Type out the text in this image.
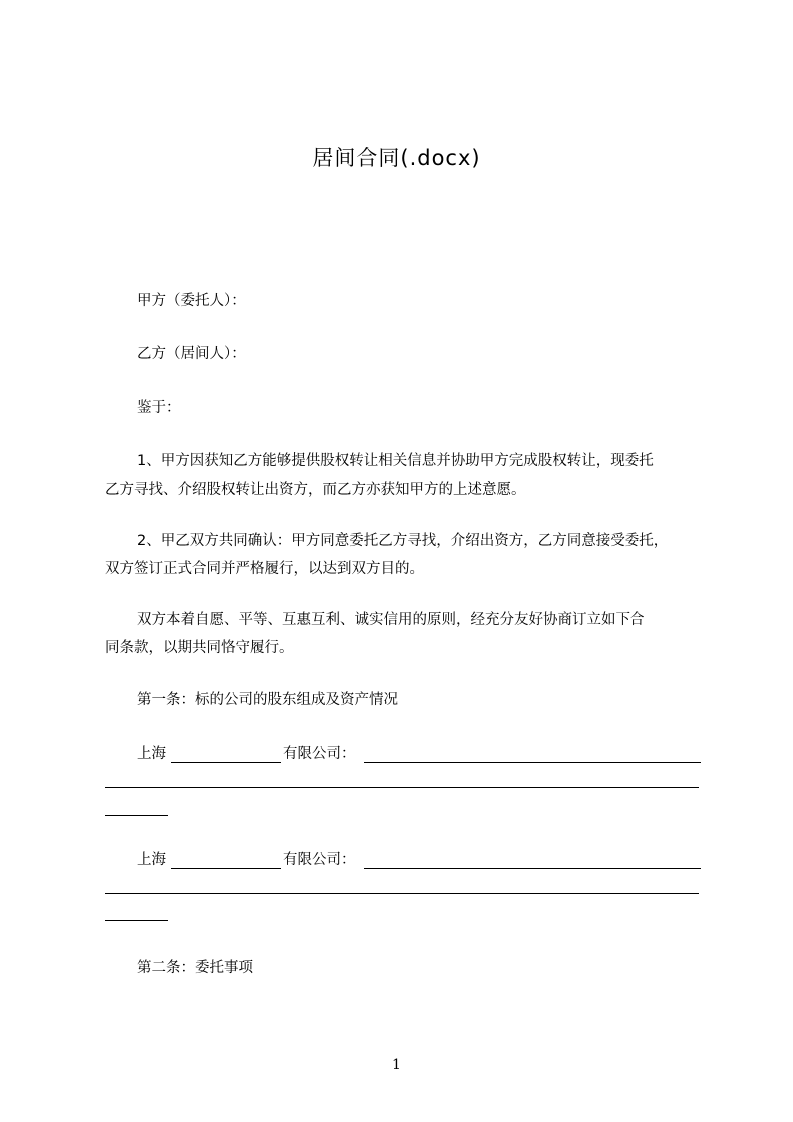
居间合同(.docx)
甲方（委托人）：
乙方（居间人）：
鉴于：
1、甲方因获知乙方能够提供股权转让相关信息并协助甲方完成股权转让，现委托
乙方寻找、介绍股权转让出资方，而乙方亦获知甲方的上述意愿。
2、甲乙双方共同确认：甲方同意委托乙方寻找，介绍出资方，乙方同意接受委托，
双方签订正式合同并严格履行，以达到双方目的。
双方本着自愿、平等、互惠互利、诚实信用的原则，经充分友好协商订立如下合
同条款，以期共同恪守履行。
第一条：标的公司的股东组成及资产情况
上海	有限公司：
上海	有限公司：
第二条：委托事项
1
